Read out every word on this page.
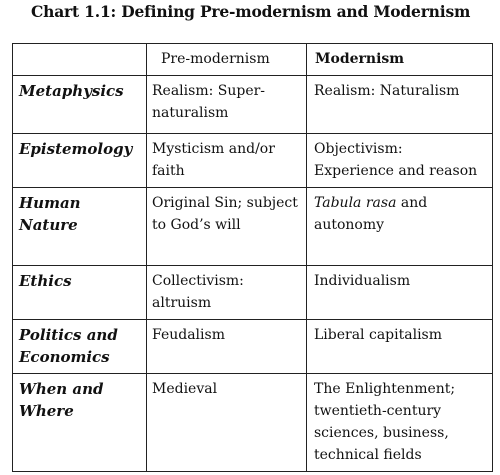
Chart 1.1: Defining Pre-modernism and Modernism
	Pre-modernism	Modernism
Metaphysics	Realism: Super-naturalism	Realism: Naturalism
Epistemology	Mysticism and/or faith	Objectivism: Experience and reason
Human Nature	Original Sin; subject to God’s will	Tabula rasa and autonomy
Ethics	Collectivism: altruism	Individualism
Politics and Economics	Feudalism	Liberal capitalism
When and Where	Medieval	The Enlightenment; twentieth-century sciences, business, technical fields
